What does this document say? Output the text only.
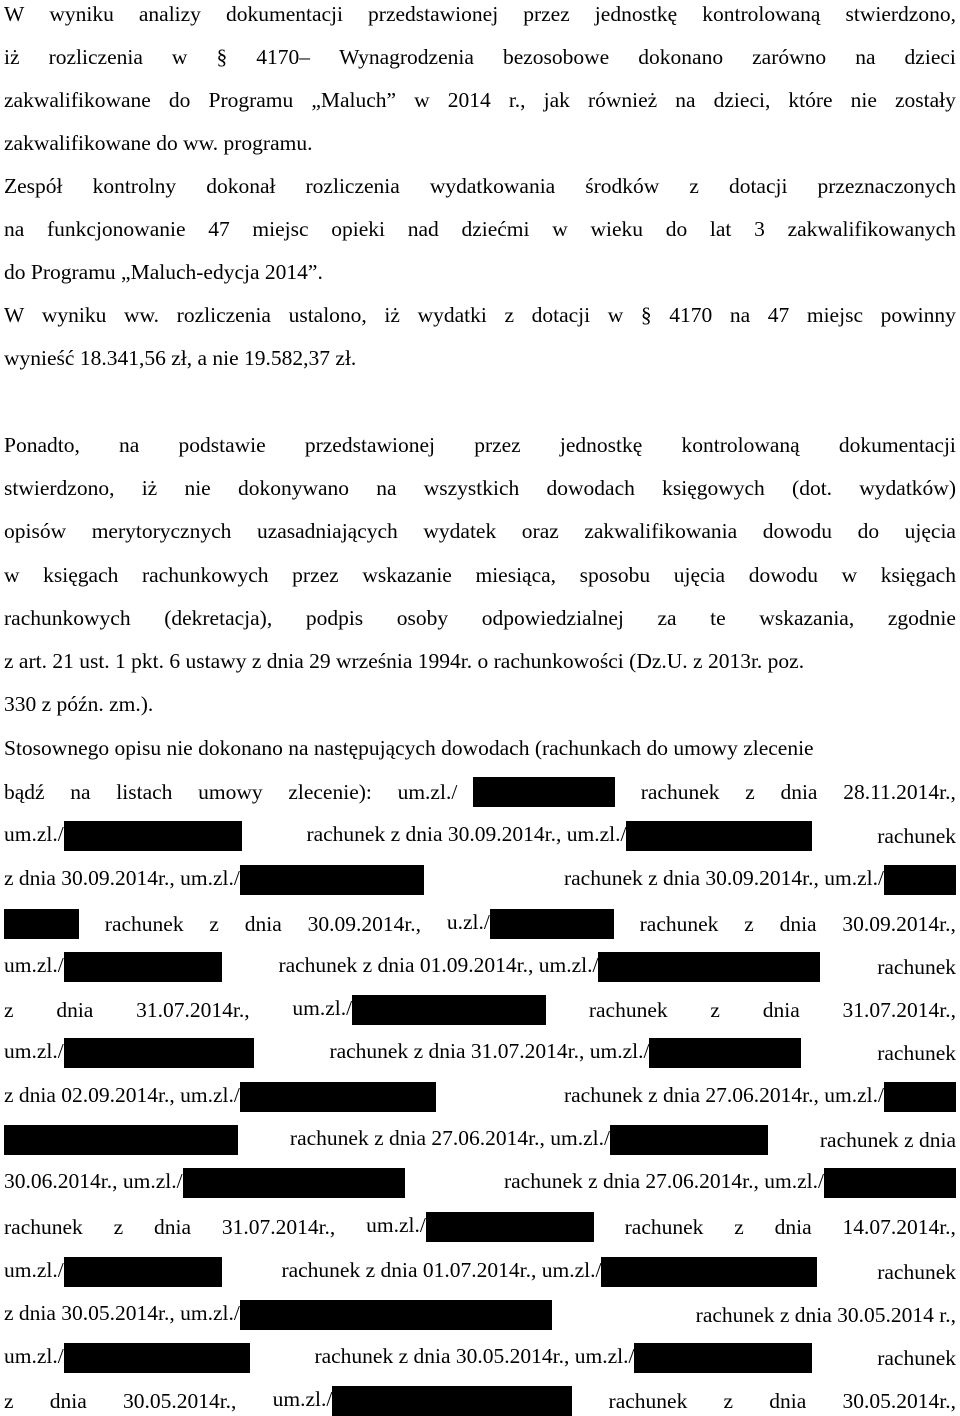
W wyniku analizy dokumentacji przedstawionej przez jednostkę kontrolowaną stwierdzono,
iż rozliczenia w § 4170– Wynagrodzenia bezosobowe dokonano zarówno na dzieci
zakwalifikowane do Programu „Maluch” w 2014 r., jak również na dzieci, które nie zostały
zakwalifikowane do ww. programu.
Zespół kontrolny dokonał rozliczenia wydatkowania środków z dotacji przeznaczonych
na funkcjonowanie 47 miejsc opieki nad dziećmi w wieku do lat 3 zakwalifikowanych
do Programu „Maluch-edycja 2014”.
W wyniku ww. rozliczenia ustalono, iż wydatki z dotacji w § 4170 na 47 miejsc powinny
wynieść 18.341,56 zł, a nie 19.582,37 zł.
Ponadto, na podstawie przedstawionej przez jednostkę kontrolowaną dokumentacji
stwierdzono, iż nie dokonywano na wszystkich dowodach księgowych (dot. wydatków)
opisów merytorycznych uzasadniających wydatek oraz zakwalifikowania dowodu do ujęcia
w księgach rachunkowych przez wskazanie miesiąca, sposobu ujęcia dowodu w księgach
rachunkowych (dekretacja), podpis osoby odpowiedzialnej za te wskazania, zgodnie
z art. 21 ust. 1 pkt. 6 ustawy z dnia 29 września 1994r. o rachunkowości (Dz.U. z 2013r. poz.
330 z późn. zm.).
Stosownego opisu nie dokonano na następujących dowodach (rachunkach do umowy zlecenie
bądź na listach umowy zlecenie): um.zl./	rachunek z dnia 28.11.2014r.,
um.zl./	rachunek z dnia 30.09.2014r., um.zl./	rachunek
z dnia 30.09.2014r., um.zl./	rachunek z dnia 30.09.2014r., um.zl./
rachunek z dnia 30.09.2014r., u.zl./	rachunek z dnia 30.09.2014r.,
um.zl./	rachunek z dnia 01.09.2014r., um.zl./	rachunek
z dnia 31.07.2014r., um.zl./	rachunek z dnia 31.07.2014r.,
um.zl./	rachunek z dnia 31.07.2014r., um.zl./	rachunek
z dnia 02.09.2014r., um.zl./	rachunek z dnia 27.06.2014r., um.zl./
rachunek z dnia 27.06.2014r., um.zl./	rachunek z dnia
30.06.2014r., um.zl./	rachunek z dnia 27.06.2014r., um.zl./
rachunek z dnia 31.07.2014r., um.zl./	rachunek z dnia 14.07.2014r.,
um.zl./	rachunek z dnia 01.07.2014r., um.zl./	rachunek
z dnia 30.05.2014r., um.zl./	rachunek z dnia 30.05.2014 r.,
um.zl./	rachunek z dnia 30.05.2014r., um.zl./	rachunek
z dnia 30.05.2014r., um.zl./	rachunek z dnia 30.05.2014r.,
